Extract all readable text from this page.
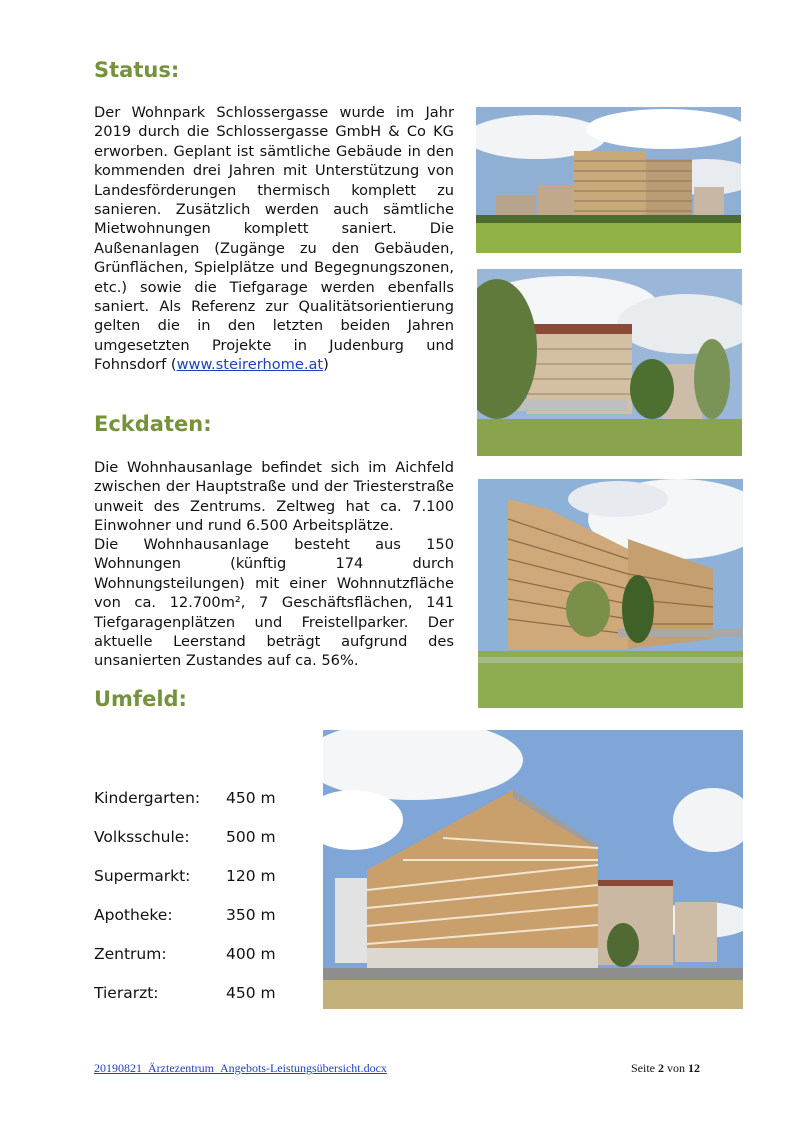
Status:

Der Wohnpark Schlossergasse wurde im Jahr 2019 durch die Schlossergasse GmbH & Co KG erworben. Geplant ist sämtliche Gebäude in den kommenden drei Jahren mit Unterstützung von Landesförderungen thermisch komplett zu sanieren. Zusätzlich werden auch sämtliche Mietwohnungen komplett saniert. Die Außenanlagen (Zugänge zu den Gebäuden, Grünflächen, Spielplätze und Begegnungszonen, etc.) sowie die Tiefgarage werden ebenfalls saniert. Als Referenz zur Qualitätsorientierung gelten die in den letzten beiden Jahren umgesetzten Projekte in Judenburg und Fohnsdorf (www.steirerhome.at)

Eckdaten:

Die Wohnhausanlage befindet sich im Aichfeld zwischen der Hauptstraße und der Triesterstraße unweit des Zentrums. Zeltweg hat ca. 7.100 Einwohner und rund 6.500 Arbeitsplätze.

Die Wohnhausanlage besteht aus 150 Wohnungen (künftig 174 durch Wohnungsteilungen) mit einer Wohnnutzfläche von ca. 12.700m², 7 Geschäftsflächen, 141 Tiefgaragenplätzen und Freistellparker. Der aktuelle Leerstand beträgt aufgrund des unsanierten Zustandes auf ca. 56%.

Umfeld:
Kindergarten: 450 m
Volksschule: 500 m
Supermarkt: 120 m
Apotheke:	350 m
Zentrum:	400 m
Tierarzt:	450 m
20190821_Ärztezentrum_Angebots-Leistungsübersicht.docx	Seite 2 von 12
